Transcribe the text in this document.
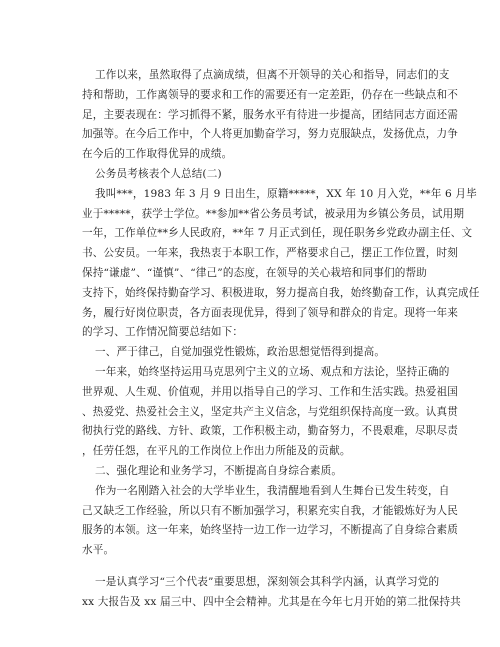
工作以来，虽然取得了点滴成绩，但离不开领导的关心和指导，同志们的支
持和帮助，工作离领导的要求和工作的需要还有一定差距，仍存在一些缺点和不
足，主要表现在：学习抓得不紧，服务水平有待进一步提高，团结同志方面还需
加强等。在今后工作中，个人将更加勤奋学习，努力克服缺点，发扬优点，力争
在今后的工作取得优异的成绩。
公务员考核表个人总结(二)
我叫***，1983 年 3 月 9 日出生，原籍*****，XX 年 10 月入党，**年 6 月毕
业于*****，获学士学位。**参加**省公务员考试，被录用为乡镇公务员，试用期
一年，工作单位**乡人民政府，**年 7 月正式到任，现任职务乡党政办副主任、文
书、公安员。一年来，我热衷于本职工作，严格要求自己，摆正工作位置，时刻
保持“谦虚”、“谨慎”、“律己”的态度，在领导的关心栽培和同事们的帮助
支持下，始终保持勤奋学习、积极进取，努力提高自我，始终勤奋工作，认真完成任
务，履行好岗位职责，各方面表现优异，得到了领导和群众的肯定。现将一年来
的学习、工作情况简要总结如下：
一、严于律己，自觉加强党性锻炼，政治思想觉悟得到提高。
一年来，始终坚持运用马克思列宁主义的立场、观点和方法论，坚持正确的
世界观、人生观、价值观，并用以指导自己的学习、工作和生活实践。热爱祖国
、热爱党、热爱社会主义，坚定共产主义信念，与党组织保持高度一致。认真贯
彻执行党的路线、方针、政策，工作积极主动，勤奋努力，不畏艰难，尽职尽责
，任劳任怨，在平凡的工作岗位上作出力所能及的贡献。
二、强化理论和业务学习，不断提高自身综合素质。
作为一名刚踏入社会的大学毕业生，我清醒地看到人生舞台已发生转变，自
己又缺乏工作经验，所以只有不断加强学习，积累充实自我，才能锻炼好为人民
服务的本领。这一年来，始终坚持一边工作一边学习，不断提高了自身综合素质
水平。
一是认真学习“三个代表”重要思想，深刻领会其科学内涵，认真学习党的
xx 大报告及 xx 届三中、四中全会精神。尤其是在今年七月开始的第二批保持共
